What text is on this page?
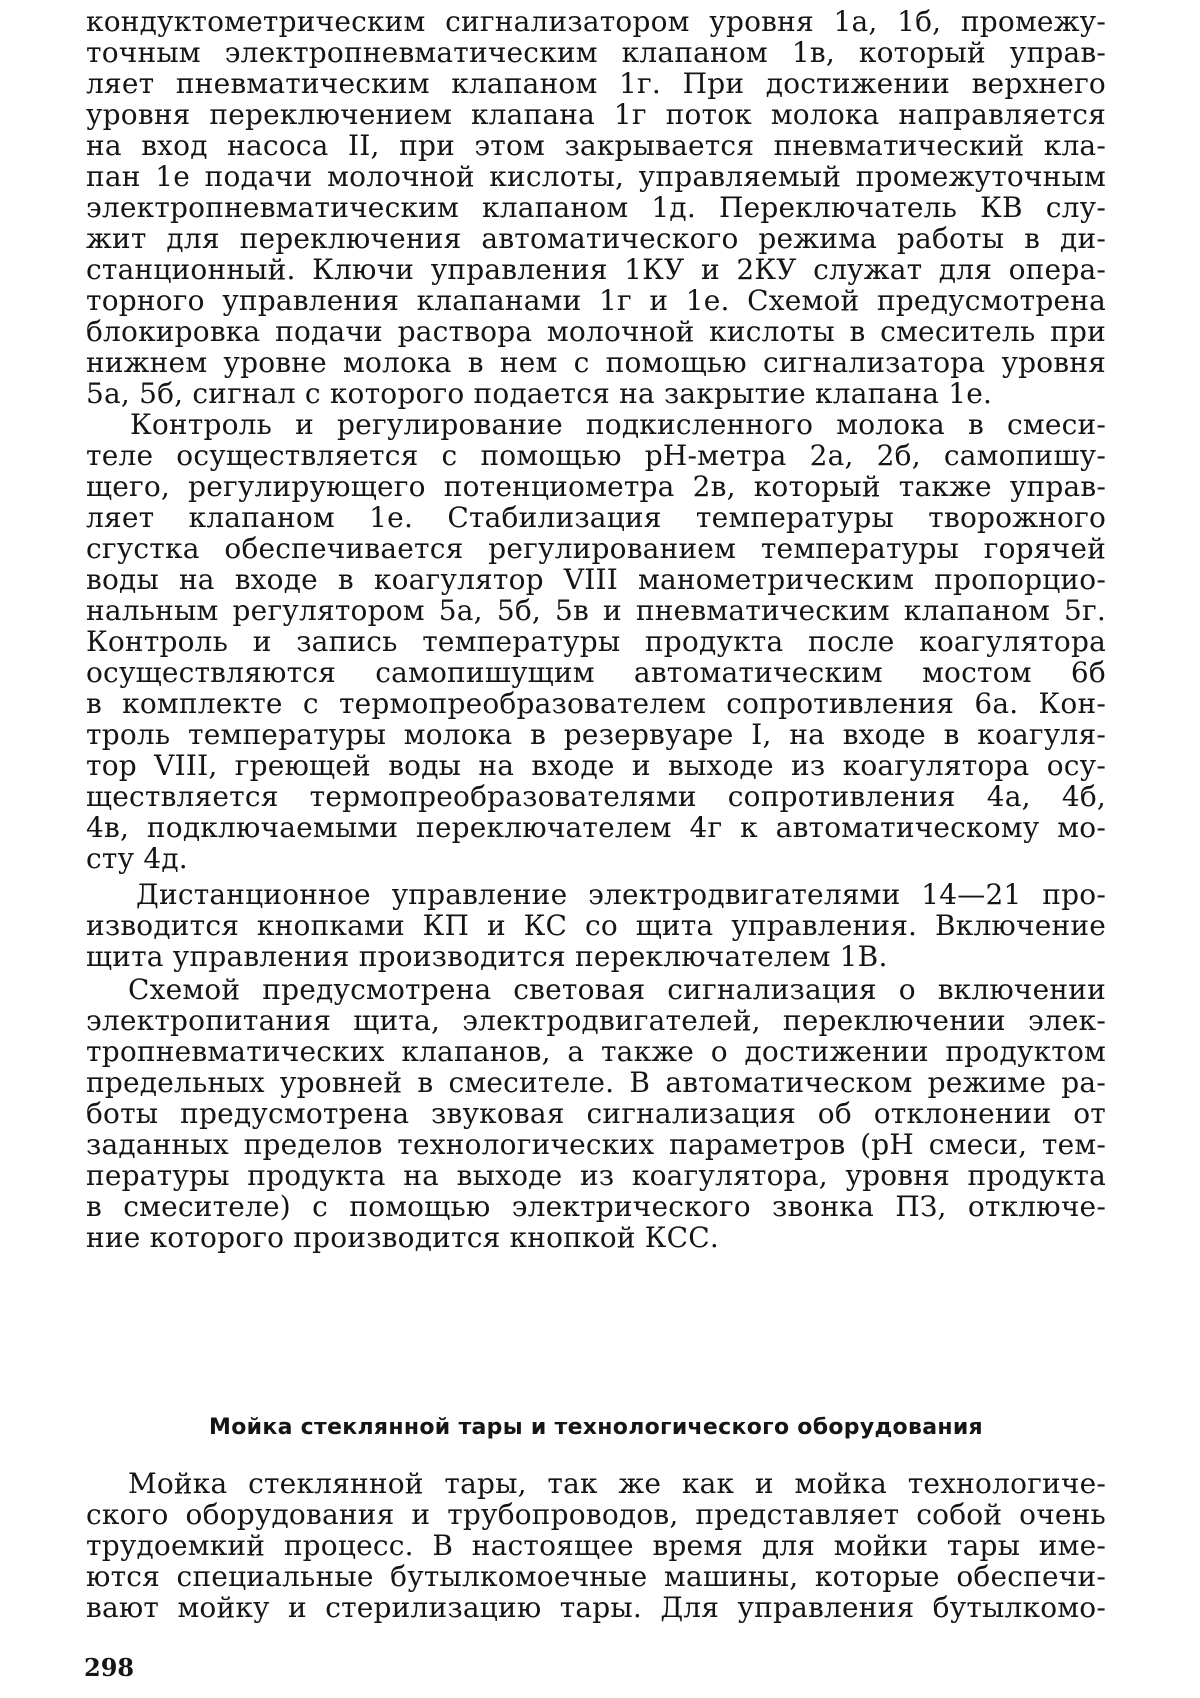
кондуктометрическим сигнализатором уровня 1а, 1б, промежу-
точным электропневматическим клапаном 1в, который управ-
ляет пневматическим клапаном 1г. При достижении верхнего
уровня переключением клапана 1г поток молока направляется
на вход насоса II, при этом закрывается пневматический кла-
пан 1е подачи молочной кислоты, управляемый промежуточным
электропневматическим клапаном 1д. Переключатель КВ слу-
жит для переключения автоматического режима работы в ди-
станционный. Ключи управления 1КУ и 2КУ служат для опера-
торного управления клапанами 1г и 1е. Схемой предусмотрена
блокировка подачи раствора молочной кислоты в смеситель при
нижнем уровне молока в нем с помощью сигнализатора уровня
5а, 5б, сигнал с которого подается на закрытие клапана 1е.
Контроль и регулирование подкисленного молока в смеси-
теле осуществляется с помощью рН-метра 2а, 2б, самопишу-
щего, регулирующего потенциометра 2в, который также управ-
ляет клапаном 1е. Стабилизация температуры творожного
сгустка обеспечивается регулированием температуры горячей
воды на входе в коагулятор VIII манометрическим пропорцио-
нальным регулятором 5а, 5б, 5в и пневматическим клапаном 5г.
Контроль и запись температуры продукта после коагулятора
осуществляются самопишущим автоматическим мостом 6б
в комплекте с термопреобразователем сопротивления 6а. Кон-
троль температуры молока в резервуаре I, на входе в коагуля-
тор VIII, греющей воды на входе и выходе из коагулятора осу-
ществляется термопреобразователями сопротивления 4а, 4б,
4в, подключаемыми переключателем 4г к автоматическому мо-
сту 4д.
Дистанционное управление электродвигателями 14—21 про-
изводится кнопками КП и КС со щита управления. Включение
щита управления производится переключателем 1В.
Схемой предусмотрена световая сигнализация о включении
электропитания щита, электродвигателей, переключении элек-
тропневматических клапанов, а также о достижении продуктом
предельных уровней в смесителе. В автоматическом режиме ра-
боты предусмотрена звуковая сигнализация об отклонении от
заданных пределов технологических параметров (рН смеси, тем-
пературы продукта на выходе из коагулятора, уровня продукта
в смесителе) с помощью электрического звонка ПЗ, отключе-
ние которого производится кнопкой КСС.
Мойка стеклянной тары и технологического оборудования
Мойка стеклянной тары, так же как и мойка технологиче-
ского оборудования и трубопроводов, представляет собой очень
трудоемкий процесс. В настоящее время для мойки тары име-
ются специальные бутылкомоечные машины, которые обеспечи-
вают мойку и стерилизацию тары. Для управления бутылкомо-
298
